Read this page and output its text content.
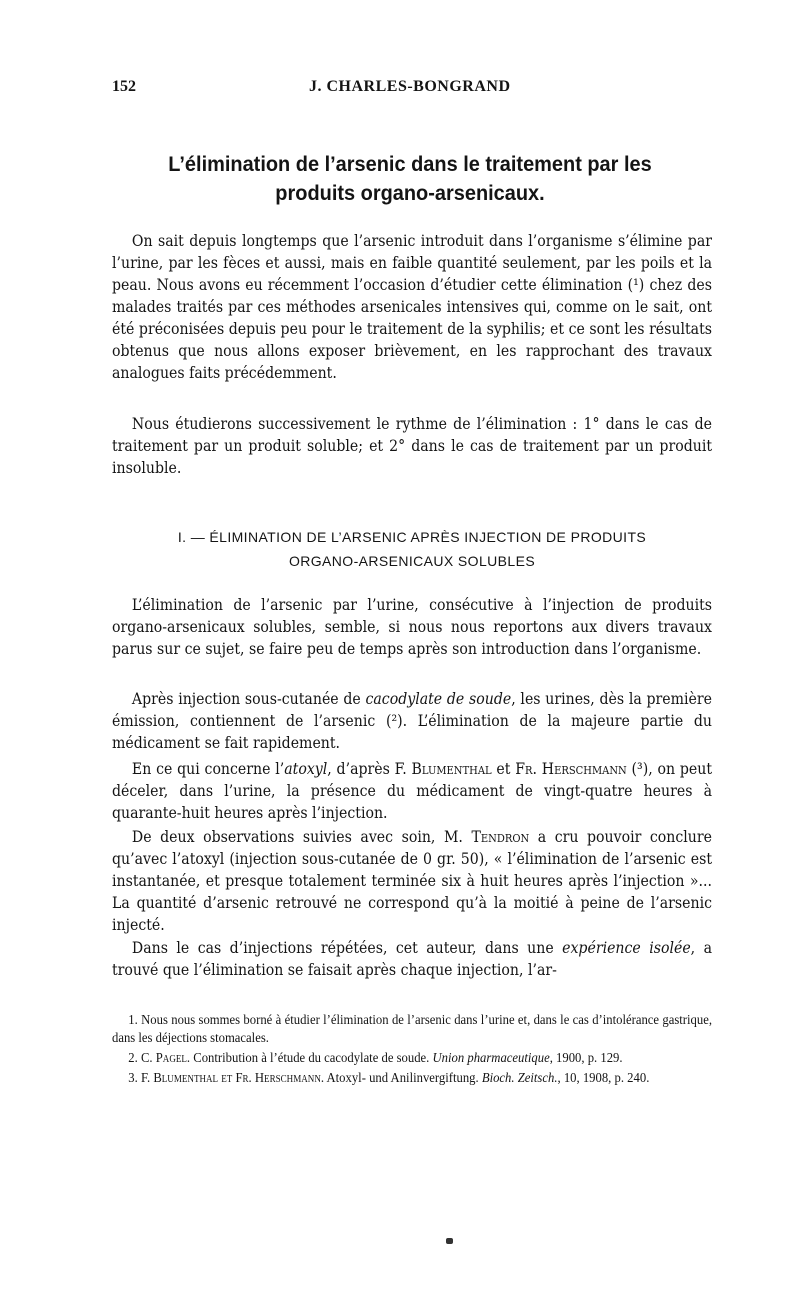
152	J. CHARLES-BONGRAND
L’élimination de l’arsenic dans le traitement par les produits organo-arsenicaux.

On sait depuis longtemps que l’arsenic introduit dans l’organisme s’élimine par l’urine, par les fèces et aussi, mais en faible quantité seulement, par les poils et la peau. Nous avons eu récemment l’occasion d’étudier cette élimination (¹) chez des malades traités par ces méthodes arsenicales intensives qui, comme on le sait, ont été préconisées depuis peu pour le traitement de la syphilis; et ce sont les résultats obtenus que nous allons exposer brièvement, en les rapprochant des travaux analogues faits précédemment.

Nous étudierons successivement le rythme de l’élimination : 1° dans le cas de traitement par un produit soluble; et 2° dans le cas de traitement par un produit insoluble.

I. — ÉLIMINATION DE L’ARSENIC APRÈS INJECTION DE PRODUITS
ORGANO-ARSENICAUX SOLUBLES

L’élimination de l’arsenic par l’urine, consécutive à l’injection de produits organo-arsenicaux solubles, semble, si nous nous reportons aux divers travaux parus sur ce sujet, se faire peu de temps après son introduction dans l’organisme.

Après injection sous-cutanée de cacodylate de soude, les urines, dès la première émission, contiennent de l’arsenic (²). L’élimination de la majeure partie du médicament se fait rapidement.

En ce qui concerne l’atoxyl, d’après F. Blumenthal et Fr. Herschmann (³), on peut déceler, dans l’urine, la présence du médicament de vingt-quatre heures à quarante-huit heures après l’injection.

De deux observations suivies avec soin, M. Tendron a cru pouvoir conclure qu’avec l’atoxyl (injection sous-cutanée de 0 gr. 50), « l’élimination de l’arsenic est instantanée, et presque totalement terminée six à huit heures après l’injection »... La quantité d’arsenic retrouvé ne correspond qu’à la moitié à peine de l’arsenic injecté.

Dans le cas d’injections répétées, cet auteur, dans une expérience isolée, a trouvé que l’élimination se faisait après chaque injection, l’ar-

1. Nous nous sommes borné à étudier l’élimination de l’arsenic dans l’urine et, dans le cas d’intolérance gastrique, dans les déjections stomacales.

2. C. Pagel. Contribution à l’étude du cacodylate de soude. Union pharmaceutique, 1900, p. 129.

3. F. Blumenthal et Fr. Herschmann. Atoxyl- und Anilinvergiftung. Bioch. Zeitsch., 10, 1908, p. 240.
